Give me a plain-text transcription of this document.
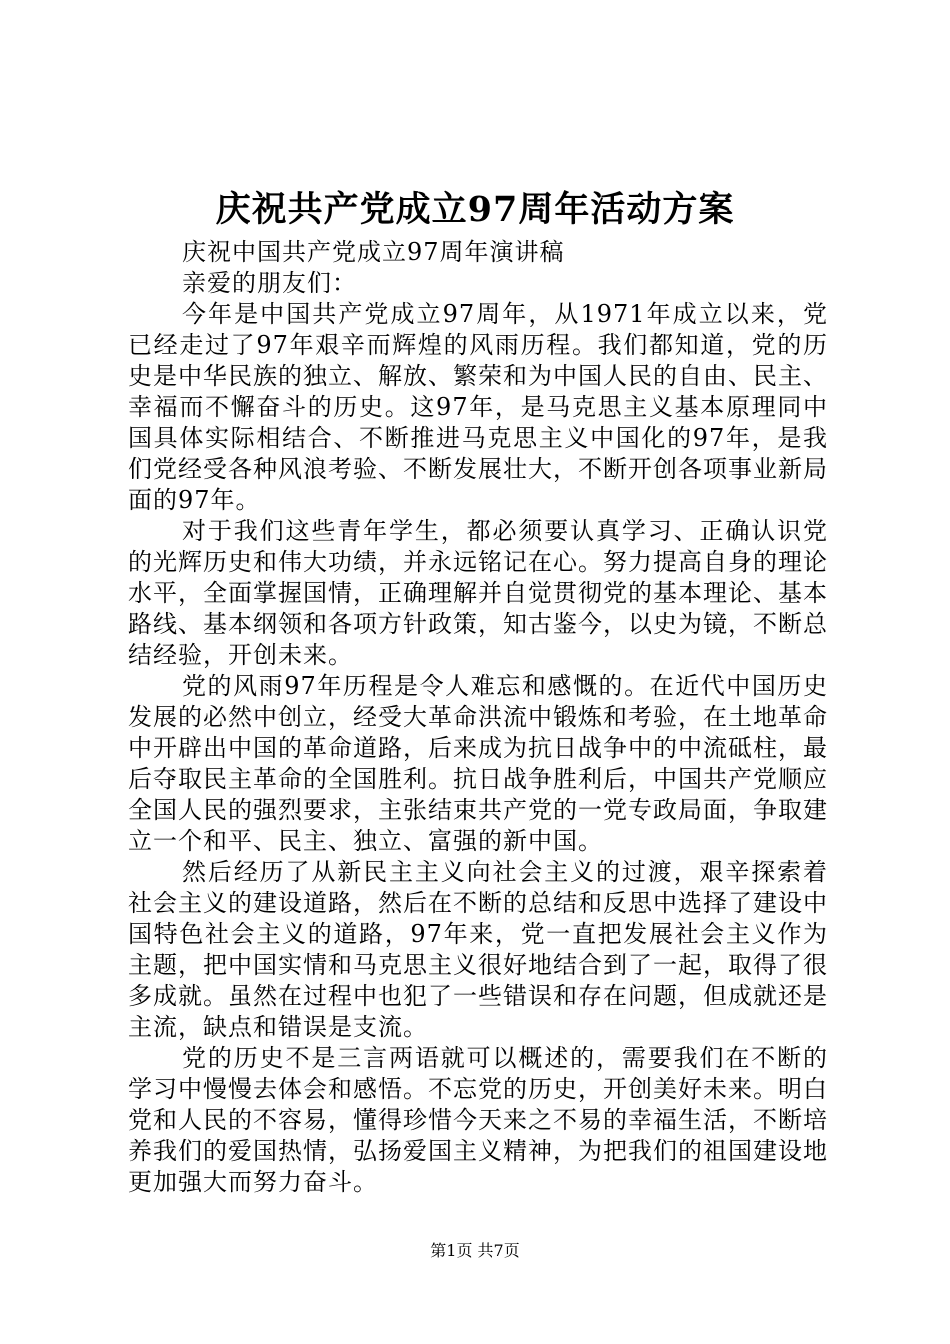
庆祝共产党成立97周年活动方案

庆祝中国共产党成立97周年演讲稿

亲爱的朋友们：

今年是中国共产党成立97周年，从1971年成立以来，党已经走过了97年艰辛而辉煌的风雨历程。我们都知道，党的历史是中华民族的独立、解放、繁荣和为中国人民的自由、民主、幸福而不懈奋斗的历史。这97年，是马克思主义基本原理同中国具体实际相结合、不断推进马克思主义中国化的97年，是我们党经受各种风浪考验、不断发展壮大，不断开创各项事业新局面的97年。

对于我们这些青年学生，都必须要认真学习、正确认识党的光辉历史和伟大功绩，并永远铭记在心。努力提高自身的理论水平，全面掌握国情，正确理解并自觉贯彻党的基本理论、基本路线、基本纲领和各项方针政策，知古鉴今，以史为镜，不断总结经验，开创未来。

党的风雨97年历程是令人难忘和感慨的。在近代中国历史发展的必然中创立，经受大革命洪流中锻炼和考验，在土地革命中开辟出中国的革命道路，后来成为抗日战争中的中流砥柱，最后夺取民主革命的全国胜利。抗日战争胜利后，中国共产党顺应全国人民的强烈要求，主张结束共产党的一党专政局面，争取建立一个和平、民主、独立、富强的新中国。

然后经历了从新民主主义向社会主义的过渡，艰辛探索着社会主义的建设道路，然后在不断的总结和反思中选择了建设中国特色社会主义的道路，97年来，党一直把发展社会主义作为主题，把中国实情和马克思主义很好地结合到了一起，取得了很多成就。虽然在过程中也犯了一些错误和存在问题，但成就还是主流，缺点和错误是支流。

党的历史不是三言两语就可以概述的，需要我们在不断的学习中慢慢去体会和感悟。不忘党的历史，开创美好未来。明白党和人民的不容易，懂得珍惜今天来之不易的幸福生活，不断培养我们的爱国热情，弘扬爱国主义精神，为把我们的祖国建设地更加强大而努力奋斗。

第1页 共7页
